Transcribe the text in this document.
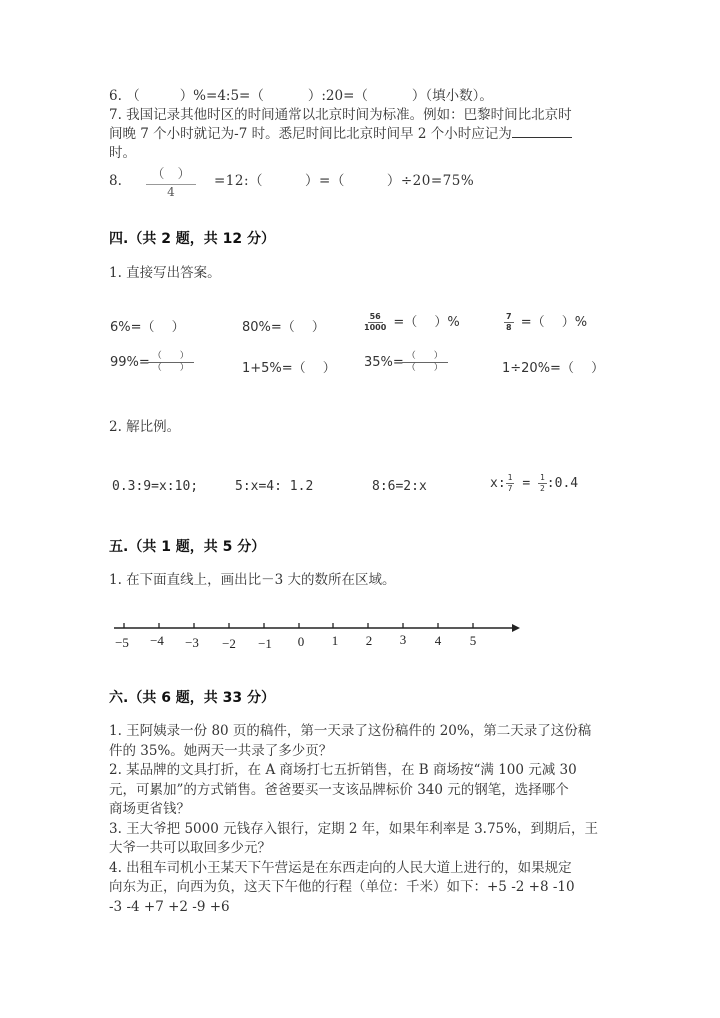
6. （	）%=4:5=（	）:20=（	）（填小数）。
7. 我国记录其他时区的时间通常以北京时间为标准。例如：巴黎时间比北京时
间晚 7 个小时就记为-7 时。悉尼时间比北京时间早 2 个小时应记为
时。
8.	（　）
4
=12:（　　　）=（　　　）÷20=75%
四.（共 2 题，共 12 分）
1. 直接写出答案。
6%=（　 ）	80%=（　 ）	$\frac{56}{1000}$ =（　 ）%	$\frac{7}{8}$ =（　 ）%
$99\%= \frac{( )}{( )}$	1+5%=（　 ） $35\%= \frac{( )}{( )}$	1÷20%=（　 ）
2. 解比例。
0.3:9=x:10;	5:x=4: 1.2	8:6=2:x	x: $\frac{1}{7} = \frac{1}{2}$ :0.4
五.（共 1 题，共 5 分）
1. 在下面直线上，画出比－3 大的数所在区域。
−5 −4 −3 −2 −1 0 1 2 3 4 5
六.（共 6 题，共 33 分）
1. 王阿姨录一份 80 页的稿件，第一天录了这份稿件的 20%，第二天录了这份稿
件的 35%。她两天一共录了多少页？
2. 某品牌的文具打折，在 A 商场打七五折销售，在 B 商场按“满 100 元减 30
元，可累加”的方式销售。爸爸要买一支该品牌标价 340 元的钢笔，选择哪个
商场更省钱？
3. 王大爷把 5000 元钱存入银行，定期 2 年，如果年利率是 3.75%，到期后，王
大爷一共可以取回多少元？
4. 出租车司机小王某天下午营运是在东西走向的人民大道上进行的，如果规定
向东为正，向西为负，这天下午他的行程（单位：千米）如下：+5 -2 +8 -10
-3 -4 +7 +2 -9 +6
